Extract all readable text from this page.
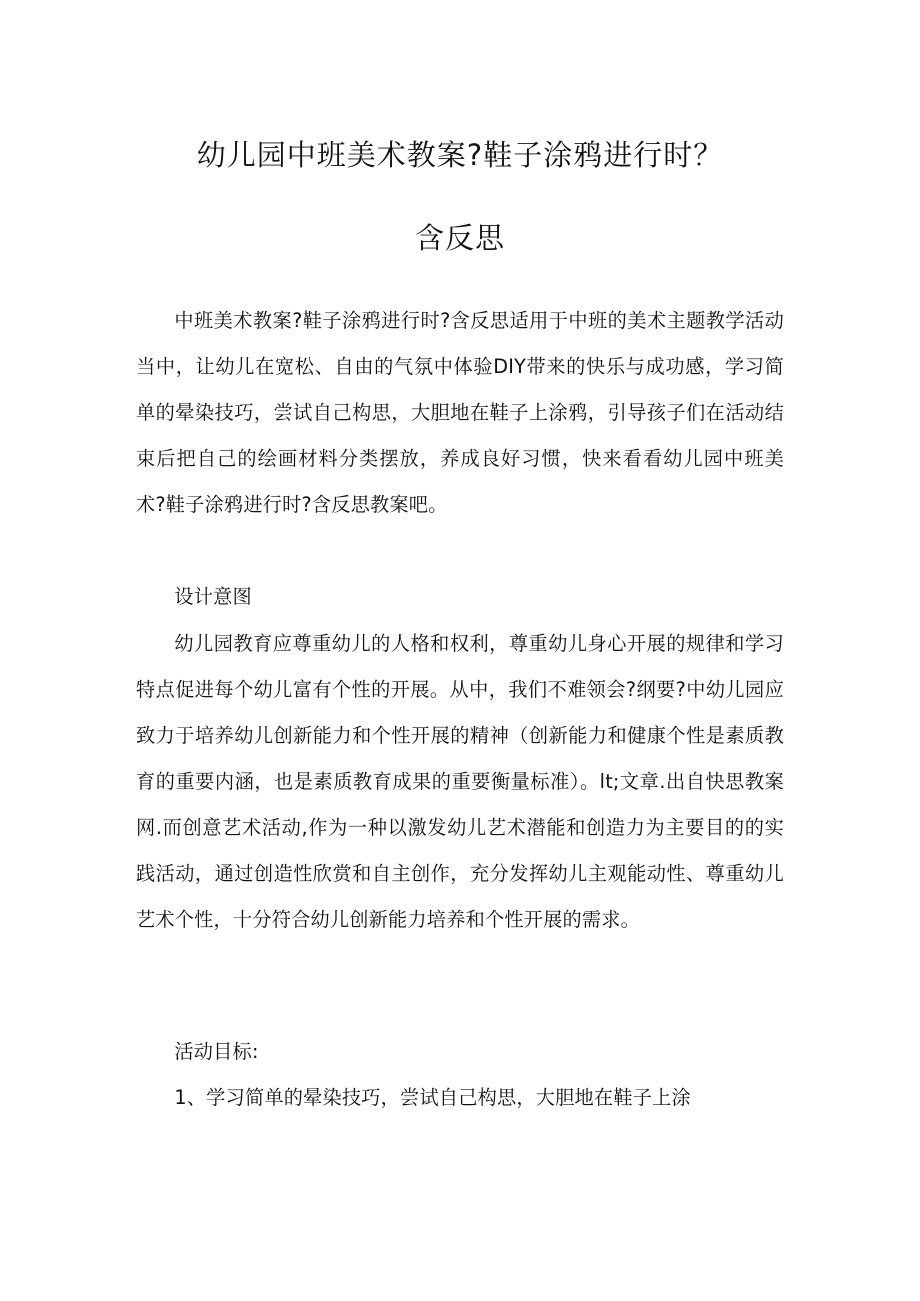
幼儿园中班美术教案?鞋子涂鸦进行时？
含反思

中班美术教案?鞋子涂鸦进行时?含反思适用于中班的美术主题教学活动当中，让幼儿在宽松、自由的气氛中体验DIY带来的快乐与成功感，学习简单的晕染技巧，尝试自己构思，大胆地在鞋子上涂鸦，引导孩子们在活动结束后把自己的绘画材料分类摆放，养成良好习惯，快来看看幼儿园中班美术?鞋子涂鸦进行时?含反思教案吧。

设计意图

幼儿园教育应尊重幼儿的人格和权利，尊重幼儿身心开展的规律和学习特点促进每个幼儿富有个性的开展。从中，我们不难领会?纲要?中幼儿园应致力于培养幼儿创新能力和个性开展的精神（创新能力和健康个性是素质教育的重要内涵，也是素质教育成果的重要衡量标准）。lt;文章.出自快思教案网.而创意艺术活动,作为一种以激发幼儿艺术潜能和创造力为主要目的的实践活动，通过创造性欣赏和自主创作，充分发挥幼儿主观能动性、尊重幼儿艺术个性，十分符合幼儿创新能力培养和个性开展的需求。

活动目标:

1、学习简单的晕染技巧，尝试自己构思，大胆地在鞋子上涂
